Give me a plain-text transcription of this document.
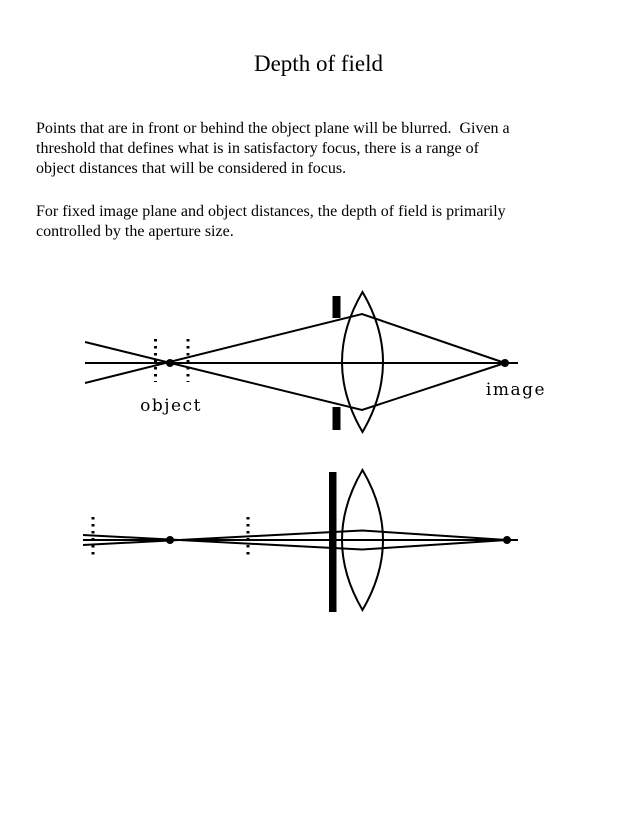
Depth of field
Points that are in front or behind the object plane will be blurred.  Given a
threshold that defines what is in satisfactory focus, there is a range of
object distances that will be considered in focus.
For fixed image plane and object distances, the depth of field is primarily
controlled by the aperture size.
object
image
